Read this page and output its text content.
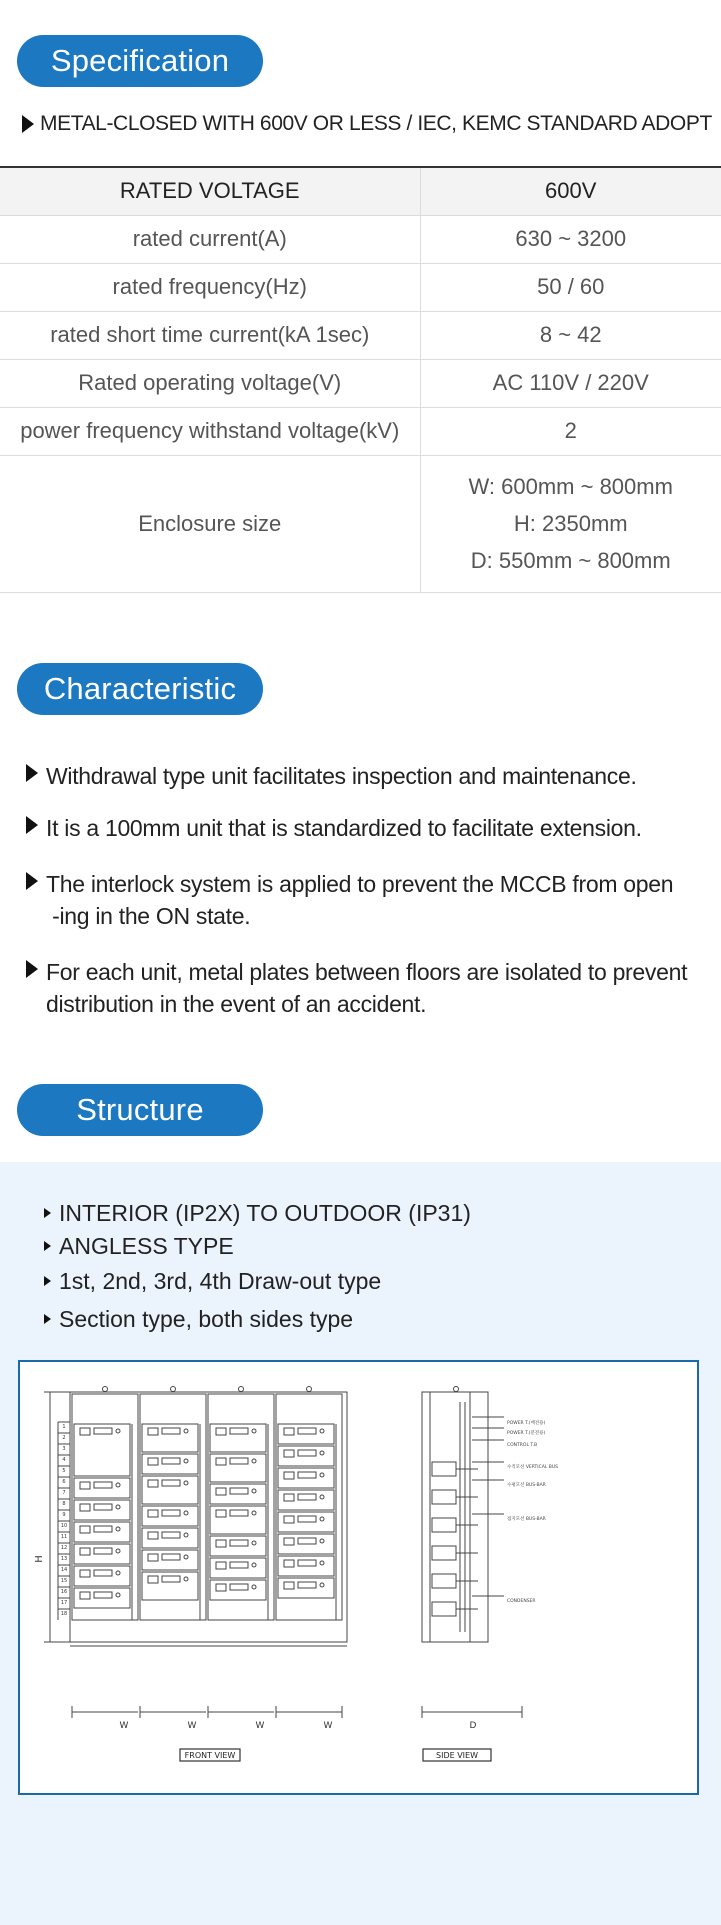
Specification
METAL-CLOSED WITH 600V OR LESS / IEC, KEMC STANDARD ADOPT
RATED VOLTAGE	600V
rated current(A)	630 ~ 3200
rated frequency(Hz)	50 / 60
rated short time current(kA 1sec)	8 ~ 42
Rated operating voltage(V)	AC 110V / 220V
power frequency withstand voltage(kV)	2
Enclosure size	W: 600mm ~ 800mm
H: 2350mm
D: 550mm ~ 800mm
Characteristic
Withdrawal type unit facilitates inspection and maintenance.
It is a 100mm unit that is standardized to facilitate extension.
The interlock system is applied to prevent the MCCB from open
-ing in the ON state.
For each unit, metal plates between floors are isolated to prevent
distribution in the event of an accident.
Structure
INTERIOR (IP2X) TO OUTDOOR (IP31)
ANGLESS TYPE
1st, 2nd, 3rd, 4th Draw-out type
Section type, both sides type
1
2
3
4
5
6
7
8
9
10
11
12
13
14
15
16
17
18
H
W	W	W	W	D
FRONT VIEW	SIDE VIEW
POWER T.(배전용)
POWER T.(분전용)
CONTROL T.B
수직모선 VERTICAL BUS
수평모선 BUS-BAR
접지모선 BUS-BAR
CONDENSER
